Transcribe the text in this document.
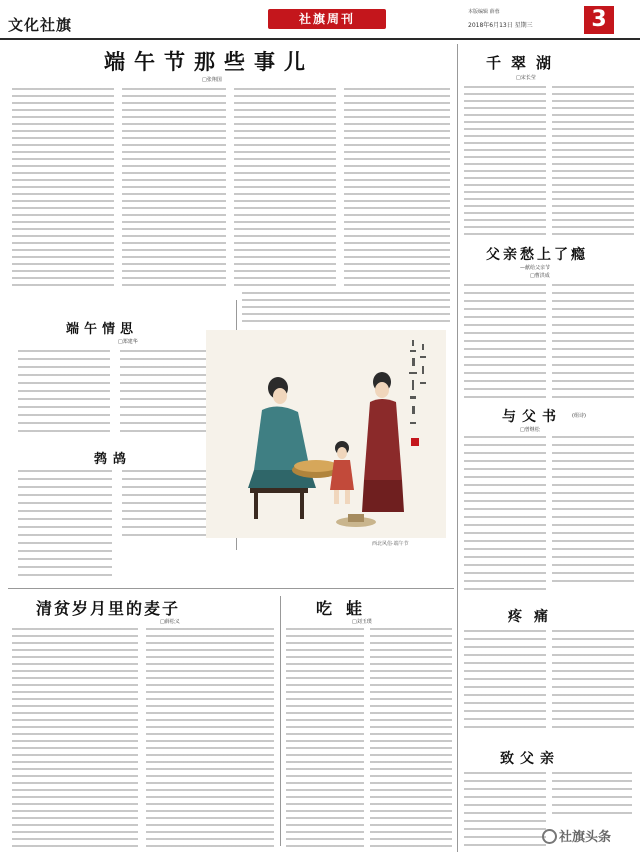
文化社旗	社旗周刊	本版编辑 薛蓉
2018年6月13日 星期三	3
端午节那些事儿
□张翔国
端午情思
□郑建华
鹁鸪
西北风俗·端午节
清贫岁月里的麦子
□薛松义
吃蛙
□刘玉璞
千翠湖
□宋长莹
父亲愁上了瘾
—献给父亲节
□曹洪成
与父书 (组诗)
□曾继松
疼痛
致父亲
社旗头条
